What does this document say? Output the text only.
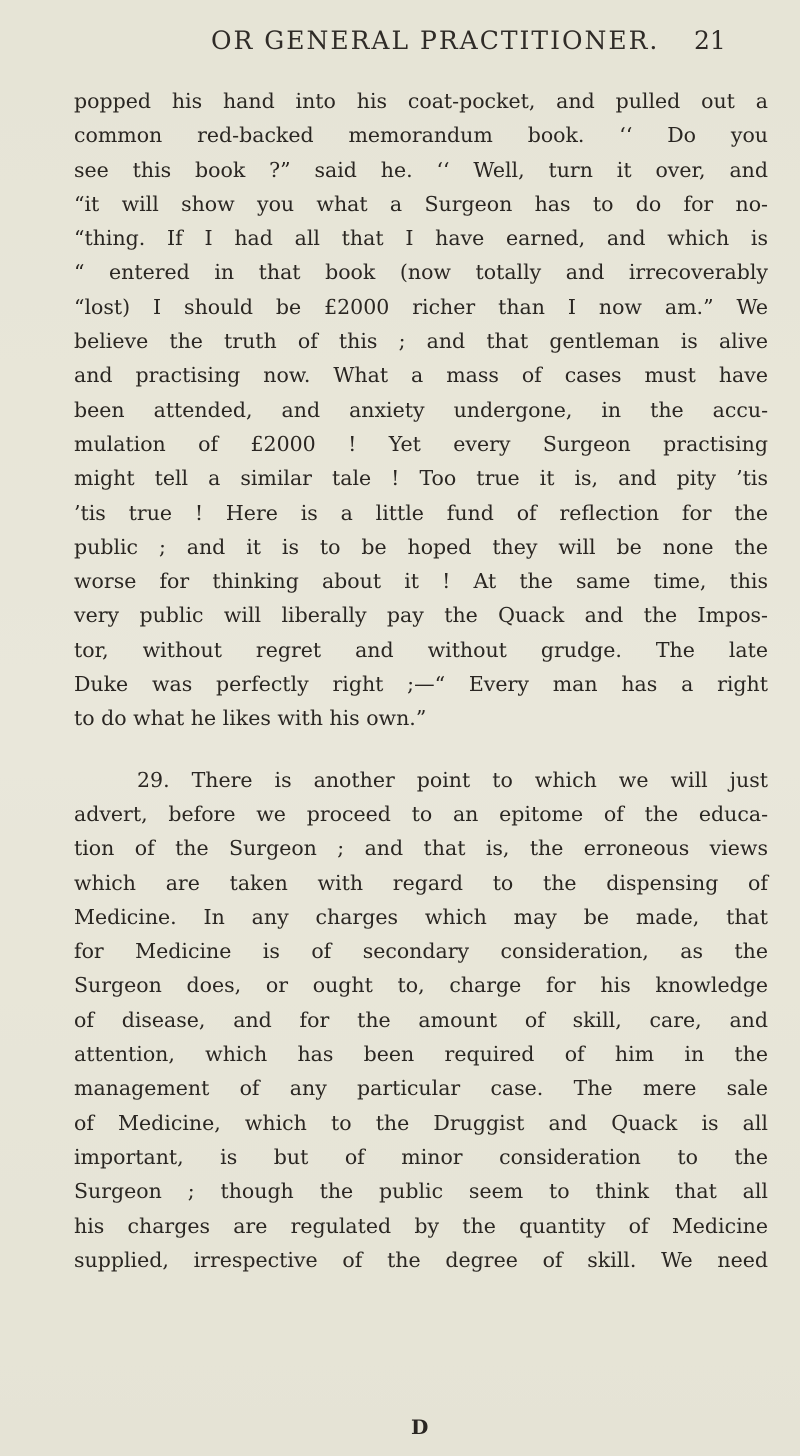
OR GENERAL PRACTITIONER. 21
popped his hand into his coat-pocket, and pulled out a
common red-backed memorandum book. ‘‘ Do you
see this book ?” said he. ‘‘ Well, turn it over, and
“it will show you what a Surgeon has to do for no-
“thing. If I had all that I have earned, and which is
“ entered in that book (now totally and irrecoverably
“lost) I should be £2000 richer than I now am.” We
believe the truth of this ; and that gentleman is alive
and practising now. What a mass of cases must have
been attended, and anxiety undergone, in the accu-
mulation of £2000 ! Yet every Surgeon practising
might tell a similar tale ! Too true it is, and pity ’tis
’tis true ! Here is a little fund of reflection for the
public ; and it is to be hoped they will be none the
worse for thinking about it ! At the same time, this
very public will liberally pay the Quack and the Impos-
tor, without regret and without grudge. The late
Duke was perfectly right ;—“ Every man has a right
to do what he likes with his own.”
29. There is another point to which we will just
advert, before we proceed to an epitome of the educa-
tion of the Surgeon ; and that is, the erroneous views
which are taken with regard to the dispensing of
Medicine. In any charges which may be made, that
for Medicine is of secondary consideration, as the
Surgeon does, or ought to, charge for his knowledge
of disease, and for the amount of skill, care, and
attention, which has been required of him in the
management of any particular case. The mere sale
of Medicine, which to the Druggist and Quack is all
important, is but of minor consideration to the
Surgeon ; though the public seem to think that all
his charges are regulated by the quantity of Medicine
supplied, irrespective of the degree of skill. We need
D
